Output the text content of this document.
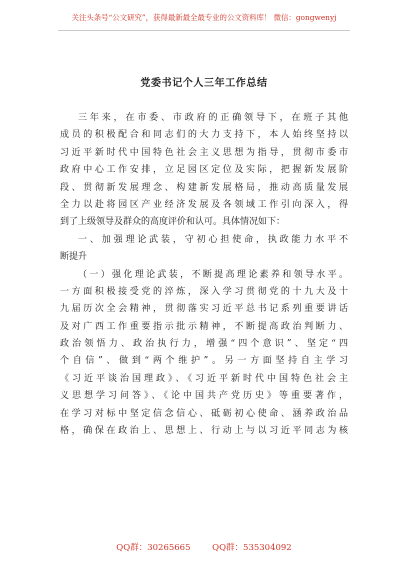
关注头条号“公文研究”，获得最新最全最专业的公文资料库！ 微信：gongwenyj
党委书记个人三年工作总结
三年来，在市委、市政府的正确领导下，在班子其他
成员的积极配合和同志们的大力支持下，本人始终坚持以
习近平新时代中国特色社会主义思想为指导，贯彻市委市
政府中心工作安排，立足园区定位及实际，把握新发展阶
段、贯彻新发展理念、构建新发展格局，推动高质量发展
全力以赴将园区产业经济发展及各领域工作引向深入，得
到了上级领导及群众的高度评价和认可。具体情况如下：
一、加强理论武装，守初心担使命，执政能力水平不
断提升
（一）强化理论武装，不断提高理论素养和领导水平。
一方面积极接受党的淬炼，深入学习贯彻党的十九大及十
九届历次全会精神，贯彻落实习近平总书记系列重要讲话
及对广西工作重要指示批示精神，不断提高政治判断力、
政治领悟力、政治执行力，增强“四个意识”、坚定“四
个自信”、做到“两个维护”。另一方面坚持自主学习
《习近平谈治国理政》、《习近平新时代中国特色社会主
义思想学习问答》、《论中国共产党历史》等重要著作，
在学习对标中坚定信念信心、砥砺初心使命、涵养政治品
格，确保在政治上、思想上、行动上与以习近平同志为核
QQ群：30265665        QQ群：535304092
